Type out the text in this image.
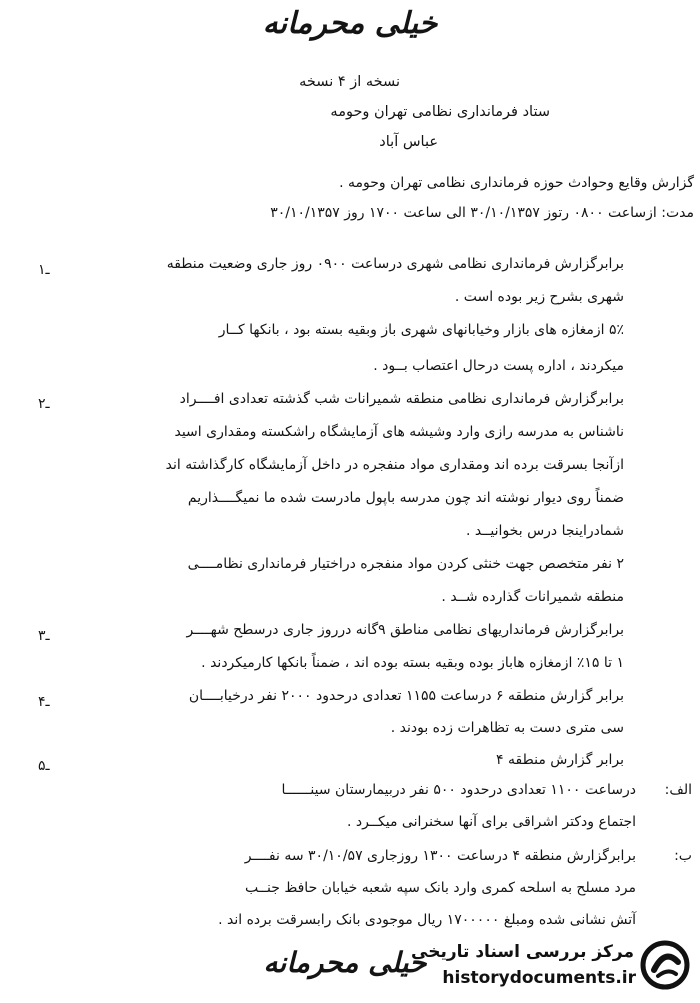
خیلی محرمانه
نسخه از ۴ نسخه
ستاد فرمانداری نظامی تهران وحومه
عباس آباد
گزارش وقایع وحوادث حوزه فرمانداری نظامی تهران وحومه .
مدت: ازساعت ۰۸۰۰ رتوز ۳۰/۱۰/۱۳۵۷ الی ساعت ۱۷۰۰ روز ۳۰/۱۰/۱۳۵۷
۱ـ	برابرگزارش فرمانداری نظامی شهری درساعت ۰۹۰۰ روز جاری وضعیت منطقه
شهری بشرح زیر بوده است .
۵٪ ازمغازه های بازار وخیابانهای شهری باز وبقیه بسته بود ، بانکها کــار
میکردند ، اداره پست درحال اعتصاب بــود .
۲ـ	برابرگزارش فرمانداری نظامی منطقه شمیرانات شب گذشته تعدادی افــــراد
ناشناس به مدرسه رازی وارد وشیشه های آزمایشگاه راشکسته ومقداری اسید
ازآنجا بسرقت برده اند ومقداری مواد منفجره در داخل آزمایشگاه کارگذاشته اند
ضمناً روی دیوار نوشته اند چون مدرسه باپول مادرست شده ما نمیگــــذاریم
شمادراینجا درس بخوانیــد .
۲ نفر متخصص جهت خنثی کردن مواد منفجره دراختیار فرمانداری نظامــــی
منطقه شمیرانات گذارده شــد .
۳ـ	برابرگزارش فرمانداریهای نظامی مناطق ۹گانه درروز جاری درسطح شهــــر
۱ تا ۱۵٪ ازمغازه هاباز بوده وبقیه بسته بوده اند ، ضمناً بانکها کارمیکردند .
۴ـ	برابر گزارش منطقه ۶ درساعت ۱۱۵۵ تعدادی درحدود ۲۰۰۰ نفر درخیابــــان
سی متری دست به تظاهرات زده بودند .
۵ـ	برابر گزارش منطقه ۴
الف:
درساعت ۱۱۰۰ تعدادی درحدود ۵۰۰ نفر دربیمارستان سینــــــا
اجتماع ودکتر اشراقی برای آنها سخنرانی میکــرد .
ب:
برابرگزارش منطقه ۴ درساعت ۱۳۰۰ روزجاری ۳۰/۱۰/۵۷ سه نفــــر
مرد مسلح به اسلحه کمری وارد بانک سپه شعبه خیابان حافظ جنــب
آتش نشانی شده ومبلغ ۱۷۰۰۰۰۰ ریال موجودی بانک رابسرقت برده اند .
خیلی محرمانه
مرکز بررسی اسناد تاریخی
historydocuments.ir
